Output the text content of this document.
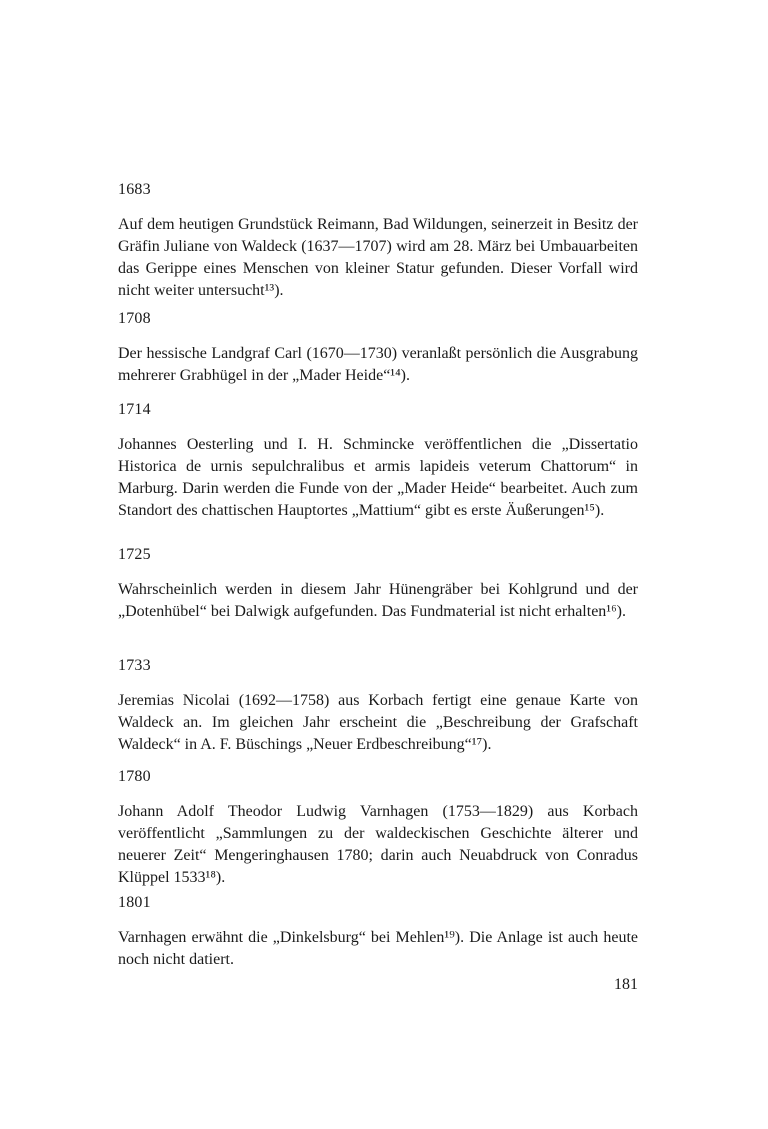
1683

Auf dem heutigen Grundstück Reimann, Bad Wildungen, seinerzeit in Besitz der Gräfin Juliane von Waldeck (1637—1707) wird am 28. März bei Umbauarbeiten das Gerippe eines Menschen von kleiner Statur gefunden. Dieser Vorfall wird nicht weiter untersucht¹³).

1708

Der hessische Landgraf Carl (1670—1730) veranlaßt persönlich die Ausgrabung mehrerer Grabhügel in der „Mader Heide“¹⁴).

1714

Johannes Oesterling und I. H. Schmincke veröffentlichen die „Dissertatio Historica de urnis sepulchralibus et armis lapideis veterum Chattorum“ in Marburg. Darin werden die Funde von der „Mader Heide“ bearbeitet. Auch zum Standort des chattischen Hauptortes „Mattium“ gibt es erste Äußerungen¹⁵).

1725

Wahrscheinlich werden in diesem Jahr Hünengräber bei Kohlgrund und der „Dotenhübel“ bei Dalwigk aufgefunden. Das Fundmaterial ist nicht erhalten¹⁶).

1733

Jeremias Nicolai (1692—1758) aus Korbach fertigt eine genaue Karte von Waldeck an. Im gleichen Jahr erscheint die „Beschreibung der Grafschaft Waldeck“ in A. F. Büschings „Neuer Erdbeschreibung“¹⁷).

1780

Johann Adolf Theodor Ludwig Varnhagen (1753—1829) aus Korbach veröffentlicht „Sammlungen zu der waldeckischen Geschichte älterer und neuerer Zeit“ Mengeringhausen 1780; darin auch Neuabdruck von Conradus Klüppel 1533¹⁸).

1801

Varnhagen erwähnt die „Dinkelsburg“ bei Mehlen¹⁹). Die Anlage ist auch heute noch nicht datiert.

181
